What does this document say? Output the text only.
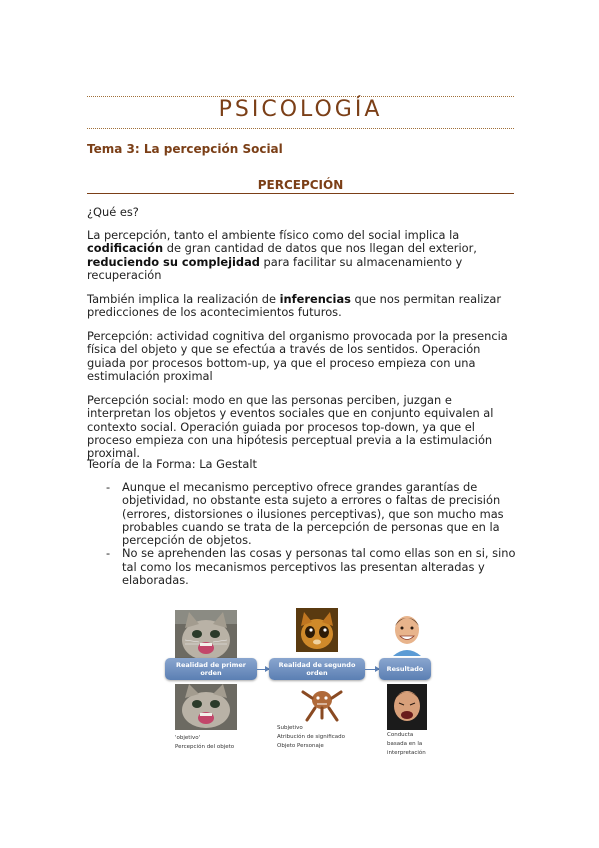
PSICOLOGÍA
Tema 3: La percepción Social
PERCEPCIÓN

¿Qué es?

La percepción, tanto el ambiente físico como del social implica la codificación de gran cantidad de datos que nos llegan del exterior, reduciendo su complejidad para facilitar su almacenamiento y recuperación

También implica la realización de inferencias que nos permitan realizar predicciones de los acontecimientos futuros.

Percepción: actividad cognitiva del organismo provocada por la presencia física del objeto y que se efectúa a través de los sentidos. Operación guiada por procesos bottom-up, ya que el proceso empieza con una estimulación proximal

Percepción social: modo en que las personas perciben, juzgan e interpretan los objetos y eventos sociales que en conjunto equivalen al contexto social. Operación guiada por procesos top-down, ya que el proceso empieza con una hipótesis perceptual previa a la estimulación proximal.

Teoría de la Forma: La Gestalt

- Aunque el mecanismo perceptivo ofrece grandes garantías de objetividad, no obstante esta sujeto a errores o faltas de precisión (errores, distorsiones o ilusiones perceptivas), que son mucho mas probables cuando se trata de la percepción de personas que en la percepción de objetos.
- No se aprehenden las cosas y personas tal como ellas son en si, sino tal como los mecanismos perceptivos las presentan alteradas y elaboradas.
Realidad de primer orden
Realidad de segundo orden	Resultado
'objetivo'
Percepción del objeto
Subjetivo
Atribución de significado
Objeto Personaje
Conducta
basada en la
interpretación
